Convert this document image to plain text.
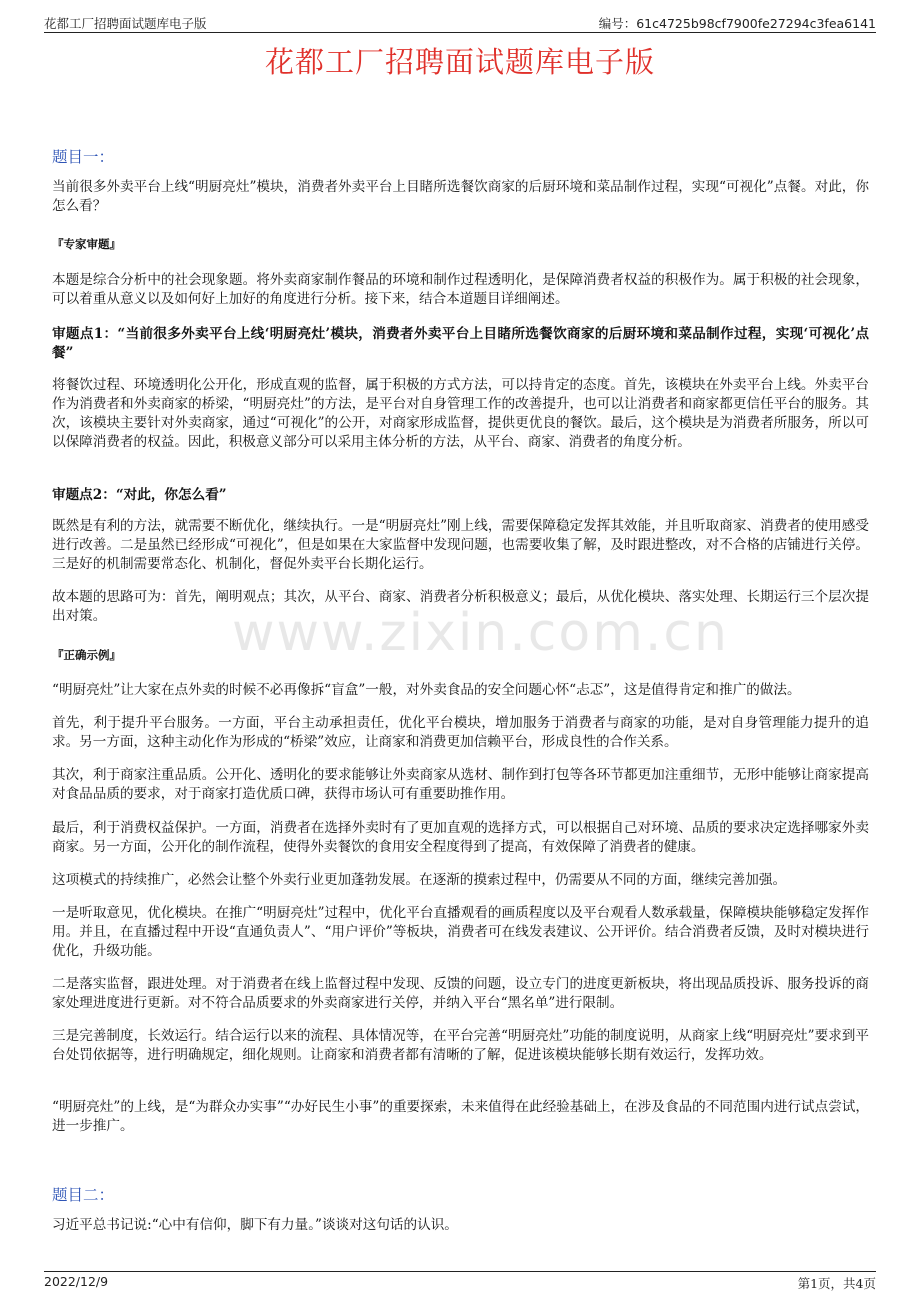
花都工厂招聘面试题库电子版	编号：61c4725b98cf7900fe27294c3fea6141
花都工厂招聘面试题库电子版
www.zixin.com.cn
题目一：
当前很多外卖平台上线“明厨亮灶”模块，消费者外卖平台上目睹所选餐饮商家的后厨环境和菜品制作过程，实现“可视化”点餐。对此，你怎么看？
『专家审题』
本题是综合分析中的社会现象题。将外卖商家制作餐品的环境和制作过程透明化，是保障消费者权益的积极作为。属于积极的社会现象，可以着重从意义以及如何好上加好的角度进行分析。接下来，结合本道题目详细阐述。
审题点1：“当前很多外卖平台上线‘明厨亮灶’模块，消费者外卖平台上目睹所选餐饮商家的后厨环境和菜品制作过程，实现‘可视化’点餐”
将餐饮过程、环境透明化公开化，形成直观的监督，属于积极的方式方法，可以持肯定的态度。首先，该模块在外卖平台上线。外卖平台作为消费者和外卖商家的桥梁，“明厨亮灶”的方法，是平台对自身管理工作的改善提升，也可以让消费者和商家都更信任平台的服务。其次，该模块主要针对外卖商家，通过“可视化”的公开，对商家形成监督，提供更优良的餐饮。最后，这个模块是为消费者所服务，所以可以保障消费者的权益。因此，积极意义部分可以采用主体分析的方法，从平台、商家、消费者的角度分析。
审题点2：“对此，你怎么看”
既然是有利的方法，就需要不断优化，继续执行。一是“明厨亮灶”刚上线，需要保障稳定发挥其效能，并且听取商家、消费者的使用感受进行改善。二是虽然已经形成“可视化”，但是如果在大家监督中发现问题，也需要收集了解，及时跟进整改，对不合格的店铺进行关停。三是好的机制需要常态化、机制化，督促外卖平台长期化运行。
故本题的思路可为：首先，阐明观点；其次，从平台、商家、消费者分析积极意义；最后，从优化模块、落实处理、长期运行三个层次提出对策。
『正确示例』
“明厨亮灶”让大家在点外卖的时候不必再像拆“盲盒”一般，对外卖食品的安全问题心怀“忐忑”，这是值得肯定和推广的做法。
首先，利于提升平台服务。一方面，平台主动承担责任，优化平台模块，增加服务于消费者与商家的功能，是对自身管理能力提升的追求。另一方面，这种主动化作为形成的“桥梁”效应，让商家和消费更加信赖平台，形成良性的合作关系。
其次，利于商家注重品质。公开化、透明化的要求能够让外卖商家从选材、制作到打包等各环节都更加注重细节，无形中能够让商家提高对食品品质的要求，对于商家打造优质口碑，获得市场认可有重要助推作用。
最后，利于消费权益保护。一方面，消费者在选择外卖时有了更加直观的选择方式，可以根据自己对环境、品质的要求决定选择哪家外卖商家。另一方面，公开化的制作流程，使得外卖餐饮的食用安全程度得到了提高，有效保障了消费者的健康。
这项模式的持续推广，必然会让整个外卖行业更加蓬勃发展。在逐渐的摸索过程中，仍需要从不同的方面，继续完善加强。
一是听取意见，优化模块。在推广“明厨亮灶”过程中，优化平台直播观看的画质程度以及平台观看人数承载量，保障模块能够稳定发挥作用。并且，在直播过程中开设“直通负责人”、“用户评价”等板块，消费者可在线发表建议、公开评价。结合消费者反馈，及时对模块进行优化，升级功能。
二是落实监督，跟进处理。对于消费者在线上监督过程中发现、反馈的问题，设立专门的进度更新板块，将出现品质投诉、服务投诉的商家处理进度进行更新。对不符合品质要求的外卖商家进行关停，并纳入平台“黑名单”进行限制。
三是完善制度，长效运行。结合运行以来的流程、具体情况等，在平台完善“明厨亮灶”功能的制度说明，从商家上线“明厨亮灶”要求到平台处罚依据等，进行明确规定，细化规则。让商家和消费者都有清晰的了解，促进该模块能够长期有效运行，发挥功效。
“明厨亮灶”的上线，是“为群众办实事”“办好民生小事”的重要探索，未来值得在此经验基础上，在涉及食品的不同范围内进行试点尝试，进一步推广。
题目二：
习近平总书记说:“心中有信仰，脚下有力量。”谈谈对这句话的认识。
2022/12/9	第1页，共4页
